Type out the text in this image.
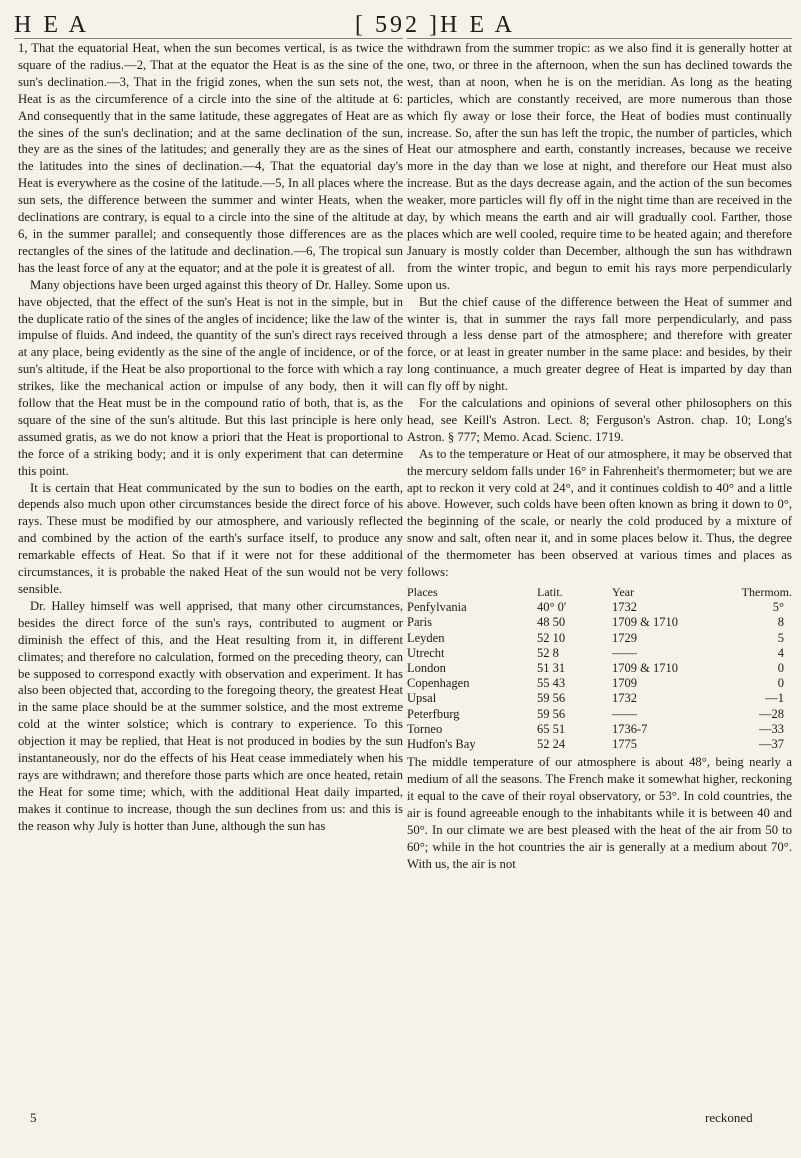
H E A	[ 592 ] H E A

1, That the equatorial Heat, when the sun becomes vertical, is as twice the square of the radius.—2, That at the equator the Heat is as the sine of the sun's declination.—3, That in the frigid zones, when the sun sets not, the Heat is as the circumference of a circle into the sine of the altitude at 6: And consequently that in the same latitude, these aggregates of Heat are as the sines of the sun's declination; and at the same declination of the sun, they are as the sines of the latitudes; and generally they are as the sines of the latitudes into the sines of declination.—4, That the equatorial day's Heat is everywhere as the cosine of the latitude.—5, In all places where the sun sets, the difference between the summer and winter Heats, when the declinations are contrary, is equal to a circle into the sine of the altitude at 6, in the summer parallel; and consequently those differences are as the rectangles of the sines of the latitude and declination.—6, The tropical sun has the least force of any at the equator; and at the pole it is greatest of all.

Many objections have been urged against this theory of Dr. Halley. Some have objected, that the effect of the sun's Heat is not in the simple, but in the duplicate ratio of the sines of the angles of incidence; like the law of the impulse of fluids. And indeed, the quantity of the sun's direct rays received at any place, being evidently as the sine of the angle of incidence, or of the sun's altitude, if the Heat be also proportional to the force with which a ray strikes, like the mechanical action or impulse of any body, then it will follow that the Heat must be in the compound ratio of both, that is, as the square of the sine of the sun's altitude. But this last principle is here only assumed gratis, as we do not know a priori that the Heat is proportional to the force of a striking body; and it is only experiment that can determine this point.

It is certain that Heat communicated by the sun to bodies on the earth, depends also much upon other circumstances beside the direct force of his rays. These must be modified by our atmosphere, and variously reflected and combined by the action of the earth's surface itself, to produce any remarkable effects of Heat. So that if it were not for these additional circumstances, it is probable the naked Heat of the sun would not be very sensible.

Dr. Halley himself was well apprised, that many other circumstances, besides the direct force of the sun's rays, contributed to augment or diminish the effect of this, and the Heat resulting from it, in different climates; and therefore no calculation, formed on the preceding theory, can be supposed to correspond exactly with observation and experiment. It has also been objected that, according to the foregoing theory, the greatest Heat in the same place should be at the summer solstice, and the most extreme cold at the winter solstice; which is contrary to experience. To this objection it may be replied, that Heat is not produced in bodies by the sun instantaneously, nor do the effects of his Heat cease immediately when his rays are withdrawn; and therefore those parts which are once heated, retain the Heat for some time; which, with the additional Heat daily imparted, makes it continue to increase, though the sun declines from us: and this is the reason why July is hotter than June, although the sun has

withdrawn from the summer tropic: as we also find it is generally hotter at one, two, or three in the afternoon, when the sun has declined towards the west, than at noon, when he is on the meridian. As long as the heating particles, which are constantly received, are more numerous than those which fly away or lose their force, the Heat of bodies must continually increase. So, after the sun has left the tropic, the number of particles, which Heat our atmosphere and earth, constantly increases, because we receive more in the day than we lose at night, and therefore our Heat must also increase. But as the days decrease again, and the action of the sun becomes weaker, more particles will fly off in the night time than are received in the day, by which means the earth and air will gradually cool. Farther, those places which are well cooled, require time to be heated again; and therefore January is mostly colder than December, although the sun has withdrawn from the winter tropic, and begun to emit his rays more perpendicularly upon us.

But the chief cause of the difference between the Heat of summer and winter is, that in summer the rays fall more perpendicularly, and pass through a less dense part of the atmosphere; and therefore with greater force, or at least in greater number in the same place: and besides, by their long continuance, a much greater degree of Heat is imparted by day than can fly off by night.

For the calculations and opinions of several other philosophers on this head, see Keill's Astron. Lect. 8; Ferguson's Astron. chap. 10; Long's Astron. § 777; Memo. Acad. Scienc. 1719.

As to the temperature or Heat of our atmosphere, it may be observed that the mercury seldom falls under 16° in Fahrenheit's thermometer; but we are apt to reckon it very cold at 24°, and it continues coldish to 40° and a little above. However, such colds have been often known as bring it down to 0°, the beginning of the scale, or nearly the cold produced by a mixture of snow and salt, often near it, and in some places below it. Thus, the degree of the thermometer has been observed at various times and places as follows:

Places	Latit.	Year	Thermom.
Penfylvania	40° 0'	1732	5°
Paris	48 50	1709 & 1710	8
Leyden	52 10	1729	5
Utrecht	52 8	——	4
London	51 31	1709 & 1710	0
Copenhagen	55 43	1709	0
Upsal	59 56	1732	—1
Peterfburg	59 56	——	—28
Torneo	65 51	1736-7	—33
Hudfon's Bay	52 24	1775	—37

The middle temperature of our atmosphere is about 48°, being nearly a medium of all the seasons. The French make it somewhat higher, reckoning it equal to the cave of their royal observatory, or 53°. In cold countries, the air is found agreeable enough to the inhabitants while it is between 40 and 50°. In our climate we are best pleased with the heat of the air from 50 to 60°; while in the hot countries the air is generally at a medium about 70°. With us, the air is not

5	reckoned
